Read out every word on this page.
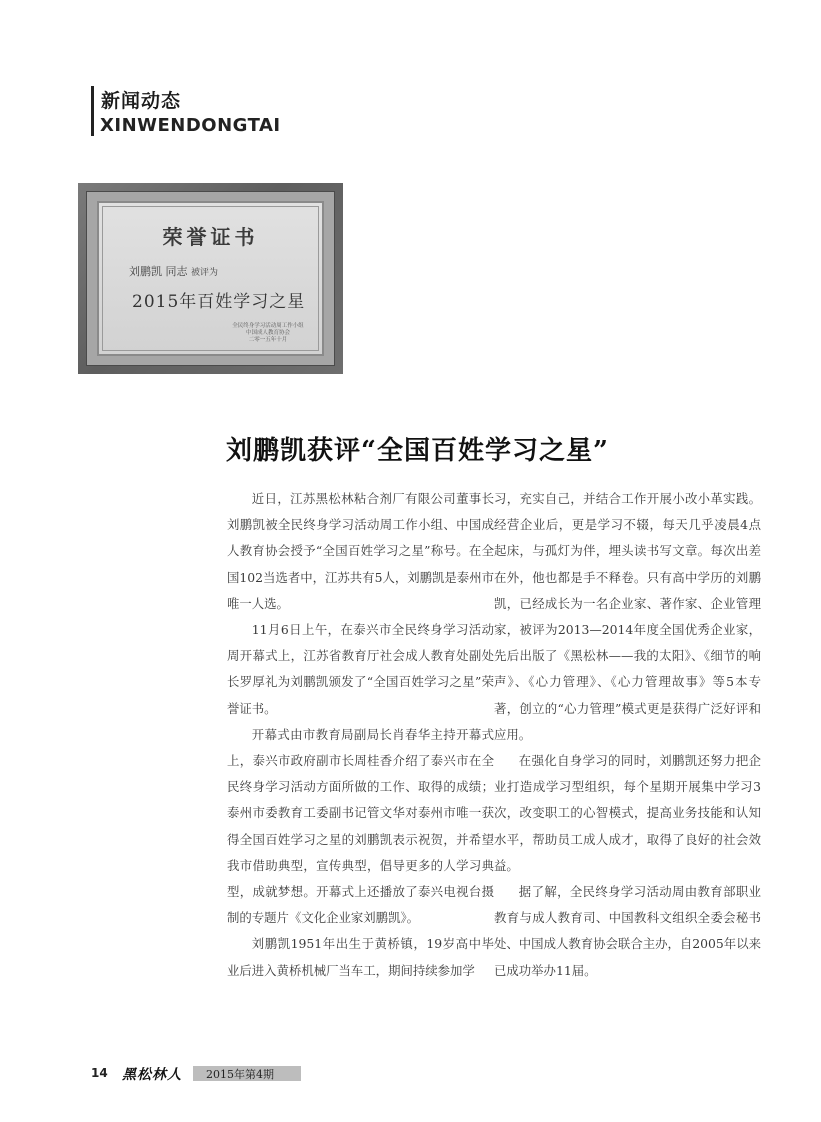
新闻动态
XINWENDONGTAI
荣誉证书
刘鹏凯 同志 被评为
2015年百姓学习之星
全民终身学习活动周工作小组
中国成人教育协会
二零一五年十月
刘鹏凯获评“全国百姓学习之星”

近日，江苏黑松林粘合剂厂有限公司董事长刘鹏凯被全民终身学习活动周工作小组、中国成人教育协会授予“全国百姓学习之星”称号。在全国102当选者中，江苏共有5人，刘鹏凯是泰州市唯一人选。

11月6日上午，在泰兴市全民终身学习活动周开幕式上，江苏省教育厅社会成人教育处副处长罗厚礼为刘鹏凯颁发了“全国百姓学习之星”荣誉证书。

开幕式由市教育局副局长肖春华主持开幕式上，泰兴市政府副市长周桂香介绍了泰兴市在全民终身学习活动方面所做的工作、取得的成绩；泰州市委教育工委副书记管文华对泰州市唯一获得全国百姓学习之星的刘鹏凯表示祝贺，并希望我市借助典型，宣传典型，倡导更多的人学习典型，成就梦想。开幕式上还播放了泰兴电视台摄制的专题片《文化企业家刘鹏凯》。

刘鹏凯1951年出生于黄桥镇，19岁高中毕业后进入黄桥机械厂当车工，期间持续参加学

习，充实自己，并结合工作开展小改小革实践。经营企业后，更是学习不辍，每天几乎凌晨4点起床，与孤灯为伴，埋头读书写文章。每次出差在外，他也都是手不释卷。只有高中学历的刘鹏凯，已经成长为一名企业家、著作家、企业管理家，被评为2013—2014年度全国优秀企业家，先后出版了《黑松林——我的太阳》、《细节的响声》、《心力管理》、《心力管理故事》等5本专著，创立的“心力管理”模式更是获得广泛好评和应用。

在强化自身学习的同时，刘鹏凯还努力把企业打造成学习型组织，每个星期开展集中学习3次，改变职工的心智模式，提高业务技能和认知水平，帮助员工成人成才，取得了良好的社会效益。

据了解，全民终身学习活动周由教育部职业教育与成人教育司、中国教科文组织全委会秘书处、中国成人教育协会联合主办，自2005年以来已成功举办11届。

14 黑松林人 2015年第4期
